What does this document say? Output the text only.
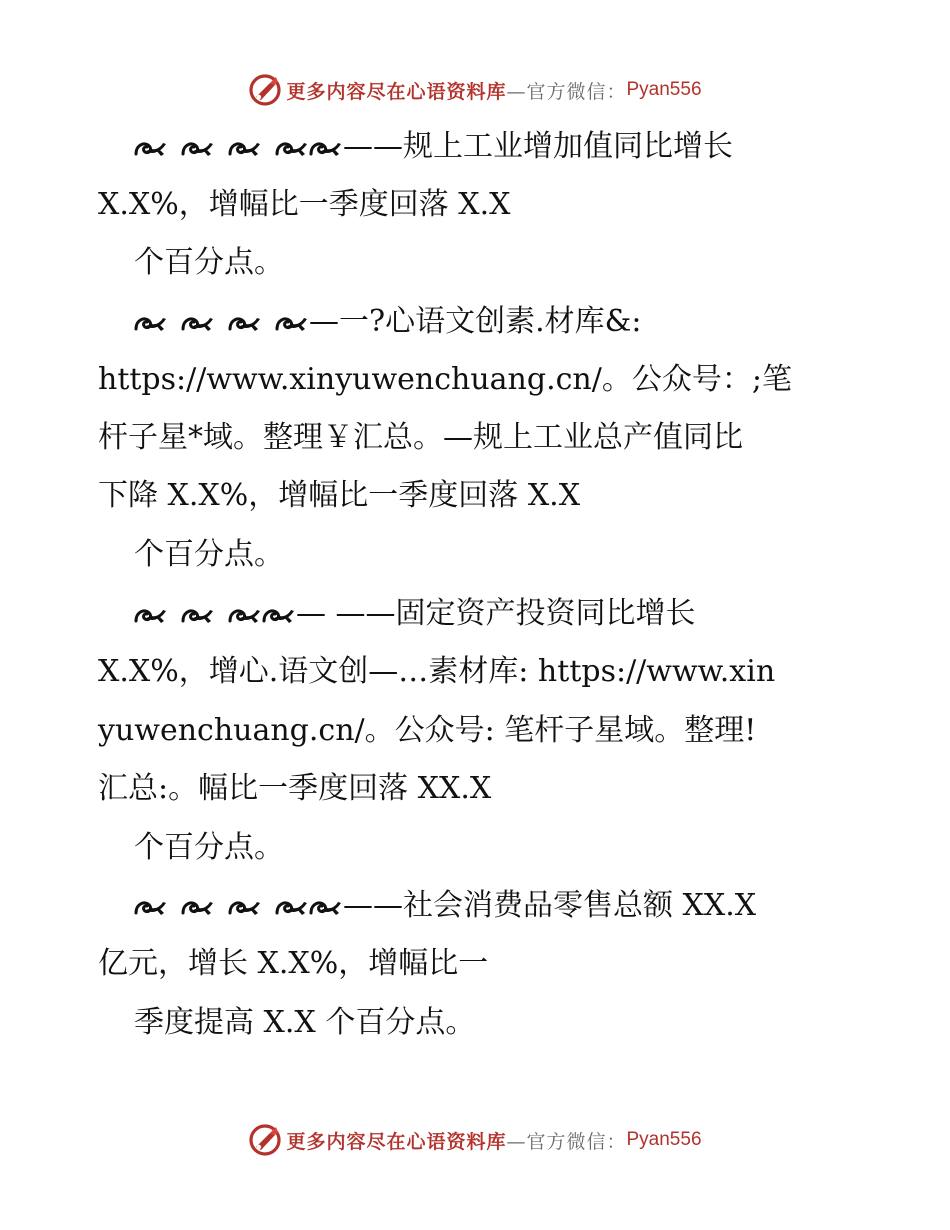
更多内容尽在心语资料库 —官方微信： Pyan556
——规上工业增加值同比增长
X.X%，增幅比一季度回落 X.X
个百分点。
—一?心语文创素.材库&:
https://www.xinyuwenchuang.cn/。公众号：;笔
杆子星*域。整理￥汇总。—规上工业总产值同比
下降 X.X%，增幅比一季度回落 X.X
个百分点。
— ——固定资产投资同比增长
X.X%，增心.语文创—…素材库: https://www.xin
yuwenchuang.cn/。公众号: 笔杆子星域。整理!
汇总:。幅比一季度回落 XX.X
个百分点。
——社会消费品零售总额 XX.X
亿元，增长 X.X%，增幅比一
季度提高 X.X 个百分点。
更多内容尽在心语资料库 —官方微信： Pyan556
